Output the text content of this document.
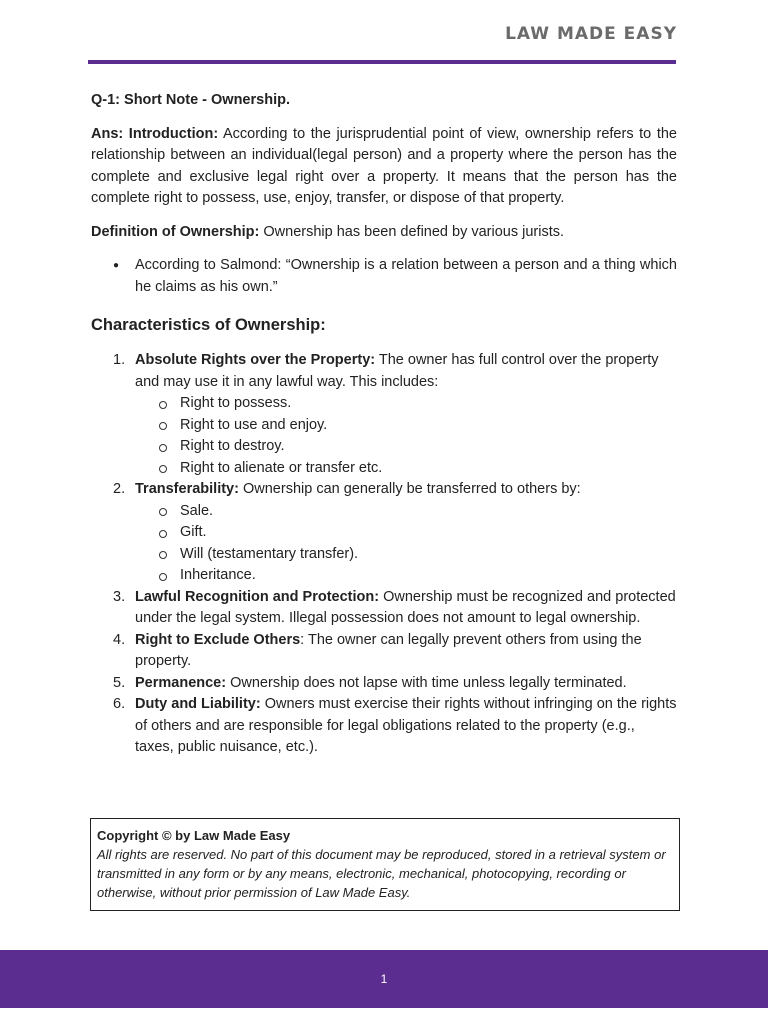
LAW MADE EASY

Q-1: Short Note - Ownership.

Ans: Introduction: According to the jurisprudential point of view, ownership refers to the relationship between an individual(legal person) and a property where the person has the complete and exclusive legal right over a property. It means that the person has the complete right to possess, use, enjoy, transfer, or dispose of that property.

Definition of Ownership: Ownership has been defined by various jurists.

● According to Salmond: “Ownership is a relation between a person and a thing which he claims as his own.”
Characteristics of Ownership:
1. Absolute Rights over the Property: The owner has full control over the property and may use it in any lawful way. This includes:
Right to possess.
Right to use and enjoy.
Right to destroy.
Right to alienate or transfer etc.
2. Transferability: Ownership can generally be transferred to others by:
Sale.
Gift.
Will (testamentary transfer).
Inheritance.
3. Lawful Recognition and Protection: Ownership must be recognized and protected under the legal system. Illegal possession does not amount to legal ownership.
4. Right to Exclude Others: The owner can legally prevent others from using the property.
5. Permanence: Ownership does not lapse with time unless legally terminated.
6. Duty and Liability: Owners must exercise their rights without infringing on the rights of others and are responsible for legal obligations related to the property (e.g., taxes, public nuisance, etc.).
Copyright © by Law Made Easy
All rights are reserved. No part of this document may be reproduced, stored in a retrieval system or transmitted in any form or by any means, electronic, mechanical, photocopying, recording or otherwise, without prior permission of Law Made Easy.
1
